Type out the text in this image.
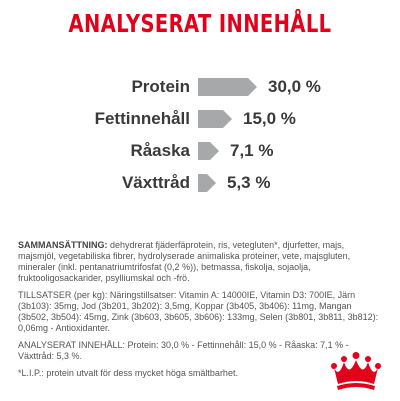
ANALYSERAT INNEHÅLL
Protein	30,0 %
Fettinnehåll	15,0 %
Råaska 7,1 %
Växttråd 5,3 %

SAMMANSÄTTNING: dehydrerat fjäderfäprotein, ris, vetegluten*, djurfetter, majs, majsmjöl, vegetabiliska fibrer, hydrolyserade animaliska proteiner, vete, majsgluten, mineraler (inkl. pentanatriumtrifosfat (0,2 %)), betmassa, fiskolja, sojaolja, fruktooligosackarider, psylliumskal och -frö.

TILLSATSER (per kg): Näringstillsatser: Vitamin A: 14000IE, Vitamin D3: 700IE, Järn (3b103): 35mg, Jod (3b201, 3b202): 3,5mg, Koppar (3b405, 3b406): 11mg, Mangan (3b502, 3b504): 45mg, Zink (3b603, 3b605, 3b606): 133mg, Selen (3b801, 3b811, 3b812): 0,06mg - Antioxidanter.

ANALYSERAT INNEHÅLL: Protein: 30,0 % - Fettinnehåll: 15,0 % - Råaska: 7,1 % - Växttråd: 5,3 %.

*L.I.P.: protein utvalt för dess mycket höga smältbarhet.
